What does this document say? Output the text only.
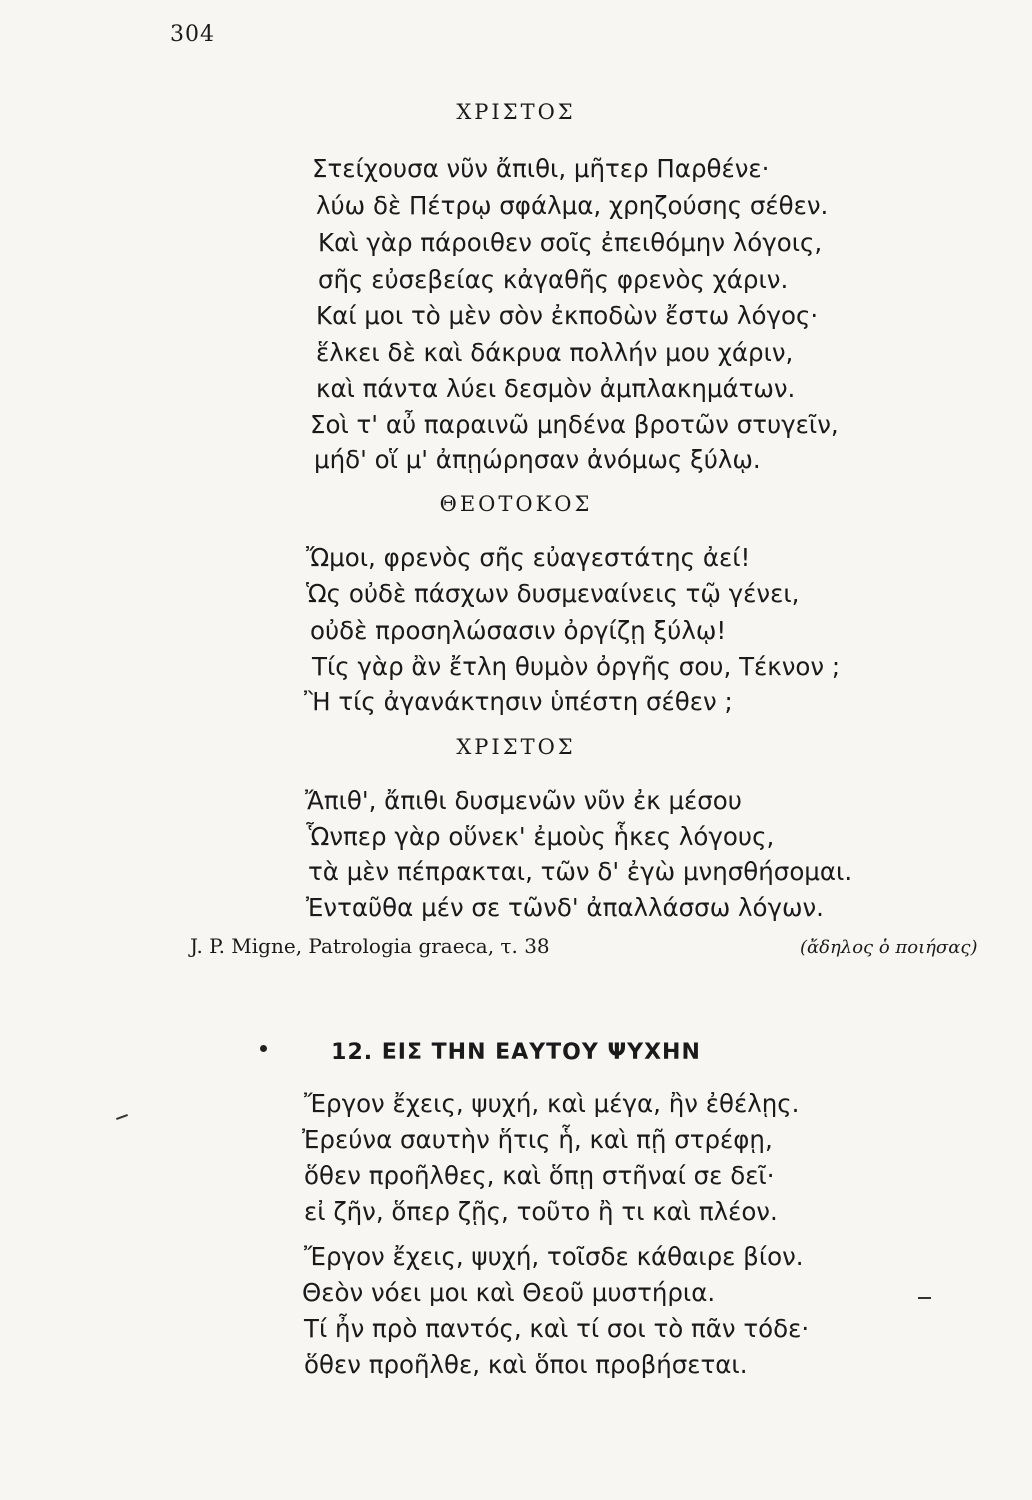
304
ΧΡΙΣΤΟΣ
Στείχουσα νῦν ἄπιθι, μῆτερ Παρθένε·
λύω δὲ Πέτρῳ σφάλμα, χρηζούσης σέθεν.
Καὶ γὰρ πάροιθεν σοῖς ἐπειθόμην λόγοις,
σῆς εὐσεβείας κἀγαθῆς φρενὸς χάριν.
Καί μοι τὸ μὲν σὸν ἐκποδὼν ἔστω λόγος·
ἕλκει δὲ καὶ δάκρυα πολλήν μου χάριν,
καὶ πάντα λύει δεσμὸν ἀμπλακημάτων.
Σοὶ τ' αὖ παραινῶ μηδένα βροτῶν στυγεῖν,
μήδ' οἵ μ' ἀπῃώρησαν ἀνόμως ξύλῳ.
ΘΕΟΤΟΚΟΣ
Ὤμοι, φρενὸς σῆς εὐαγεστάτης ἀεί!
Ὡς οὐδὲ πάσχων δυσμεναίνεις τῷ γένει,
οὐδὲ προσηλώσασιν ὀργίζῃ ξύλῳ!
Τίς γὰρ ἂν ἔτλη θυμὸν ὀργῆς σου, Τέκνον ;
Ἢ τίς ἀγανάκτησιν ὑπέστη σέθεν ;
ΧΡΙΣΤΟΣ
Ἄπιθ', ἄπιθι δυσμενῶν νῦν ἐκ μέσου
Ὧνπερ γὰρ οὕνεκ' ἐμοὺς ἧκες λόγους,
τὰ μὲν πέπρακται, τῶν δ' ἐγὼ μνησθήσομαι.
Ἐνταῦθα μέν σε τῶνδ' ἀπαλλάσσω λόγων.
J. P. Migne, Patrologia graeca, τ. 38	(ἄδηλος ὁ ποιήσας)
12. ΕΙΣ ΤΗΝ ΕΑΥΤΟΥ ΨΥΧΗΝ
Ἔργον ἔχεις, ψυχή, καὶ μέγα, ἢν ἐθέλῃς.
Ἐρεύνα σαυτὴν ἥτις ἧ, καὶ πῇ στρέφῃ,
ὅθεν προῆλθες, καὶ ὅπῃ στῆναί σε δεῖ·
εἰ ζῆν, ὅπερ ζῇς, τοῦτο ἢ τι καὶ πλέον.
Ἔργον ἔχεις, ψυχή, τοῖσδε κάθαιρε βίον.
Θεὸν νόει μοι καὶ Θεοῦ μυστήρια.
Τί ἦν πρὸ παντός, καὶ τί σοι τὸ πᾶν τόδε·
ὅθεν προῆλθε, καὶ ὅποι προβήσεται.
